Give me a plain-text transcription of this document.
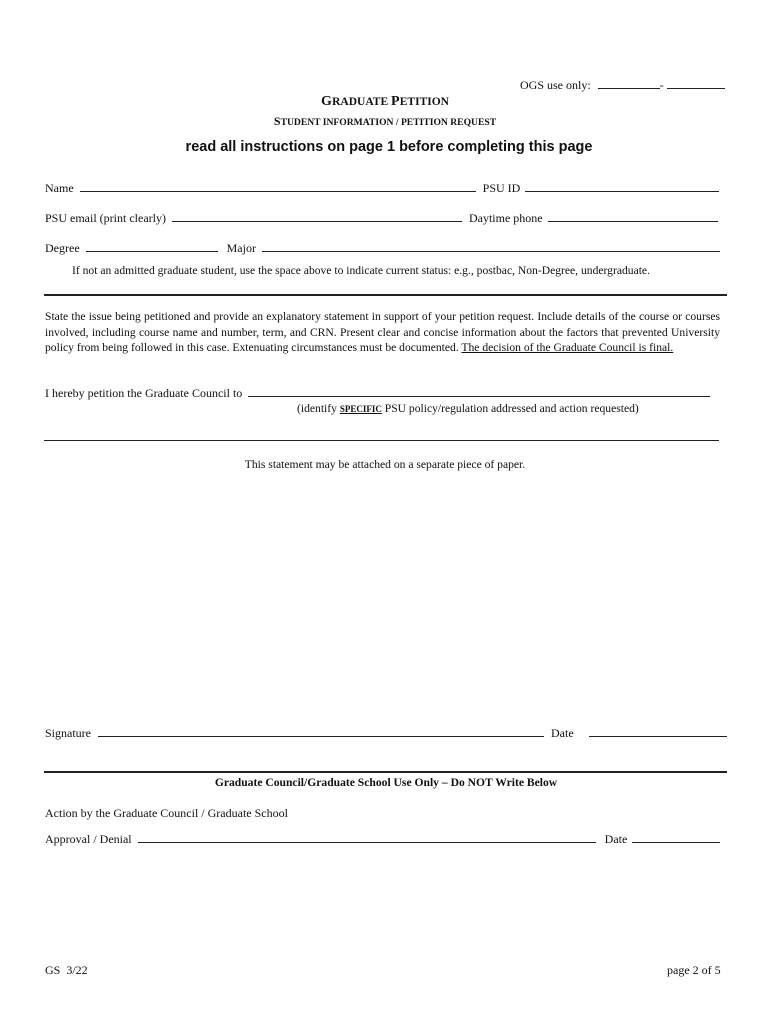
OGS use only:	-
GRADUATE PETITION
STUDENT INFORMATION / PETITION REQUEST
read all instructions on page 1 before completing this page
Name	PSU ID
PSU email (print clearly)	Daytime phone
Degree	Major
If not an admitted graduate student, use the space above to indicate current status: e.g., postbac, Non-Degree, undergraduate.
State the issue being petitioned and provide an explanatory statement in support of your petition request. Include details of the course or courses involved, including course name and number, term, and CRN. Present clear and concise information about the factors that prevented University policy from being followed in this case. Extenuating circumstances must be documented. The decision of the Graduate Council is final.
I hereby petition the Graduate Council to
(identify SPECIFIC PSU policy/regulation addressed and action requested)
This statement may be attached on a separate piece of paper.
Signature	Date
Graduate Council/Graduate School Use Only – Do NOT Write Below
Action by the Graduate Council / Graduate School
Approval / Denial	Date
GS  3/22	page 2 of 5
